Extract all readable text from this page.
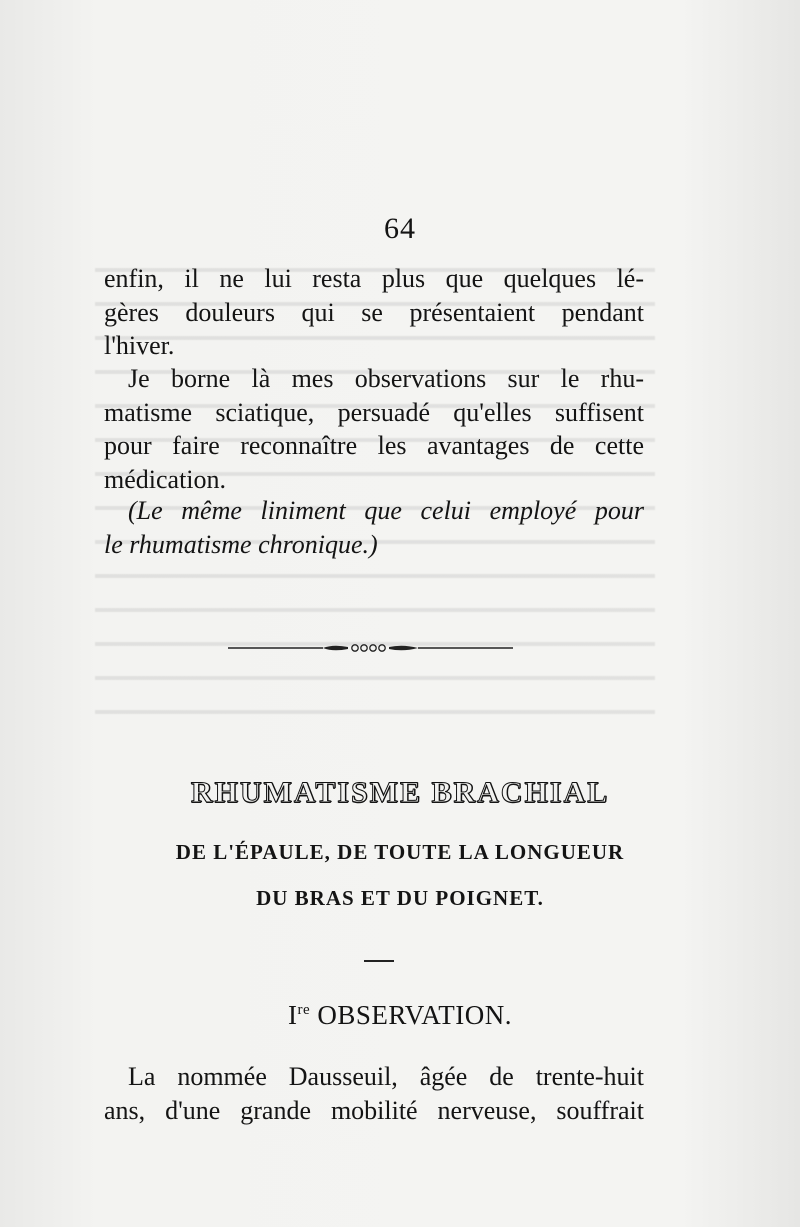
64
enfin, il ne lui resta plus que quelques lé-
gères douleurs qui se présentaient pendant
l'hiver.
Je borne là mes observations sur le rhu-
matisme sciatique, persuadé qu'elles suffisent
pour faire reconnaître les avantages de cette
médication.
(Le même liniment que celui employé pour
le rhumatisme chronique.)
RHUMATISME BRACHIAL
DE L'ÉPAULE, DE TOUTE LA LONGUEUR
DU BRAS ET DU POIGNET.
Ire OBSERVATION.
La nommée Dausseuil, âgée de trente-huit
ans, d'une grande mobilité nerveuse, souffrait
